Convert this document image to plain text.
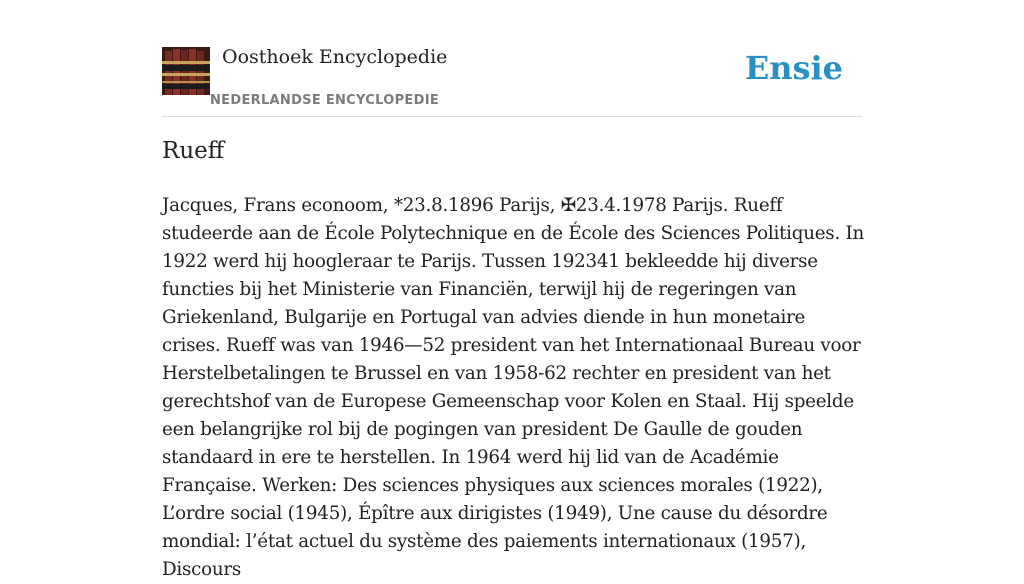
Oosthoek Encyclopedie
NEDERLANDSE ENCYCLOPEDIE
Ensie
Rueff

Jacques, Frans econoom, *23.8.1896 Parijs, ✠23.4.1978 Parijs. Rueff studeerde aan de École Polytechnique en de École des Sciences Politiques. In 1922 werd hij hoogleraar te Parijs. Tussen 192341 bekleedde hij diverse functies bij het Ministerie van Financiën, terwijl hij de regeringen van Griekenland, Bulgarije en Portugal van advies diende in hun monetaire crises. Rueff was van 1946—52 president van het Internationaal Bureau voor Herstelbetalingen te Brussel en van 1958-62 rechter en president van het gerechtshof van de Europese Gemeenschap voor Kolen en Staal. Hij speelde een belangrijke rol bij de pogingen van president De Gaulle de gouden standaard in ere te herstellen. In 1964 werd hij lid van de Académie Française. Werken: Des sciences physiques aux sciences morales (1922), L’ordre social (1945), Épître aux dirigistes (1949), Une cause du désordre mondial: l’état actuel du système des paiements internationaux (1957), Discours
